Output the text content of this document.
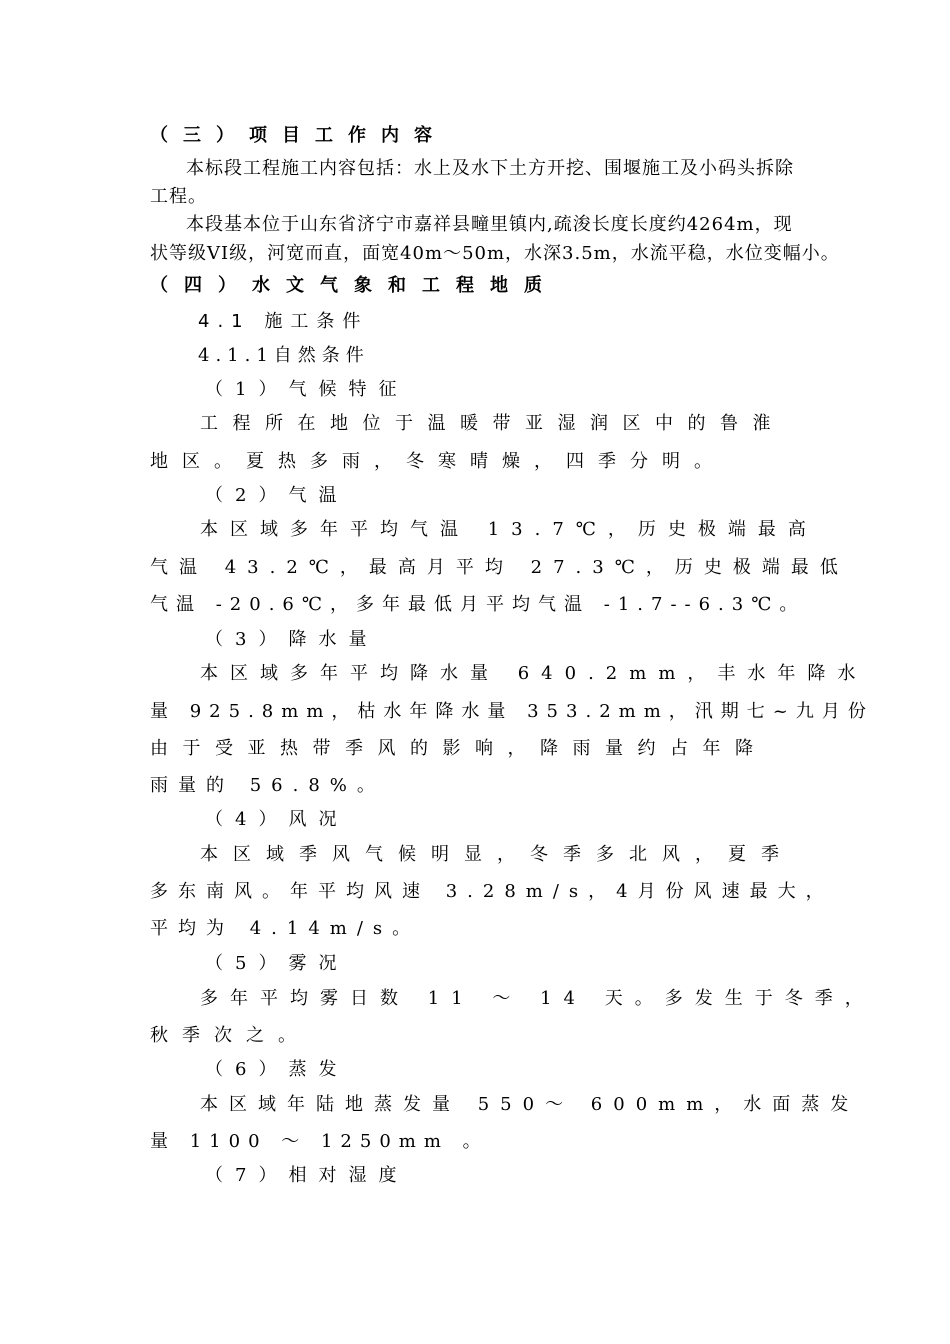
（三）项目工作内容
本标段工程施工内容包括：水上及水下土方开挖、围堰施工及小码头拆除
工程。
本段基本位于山东省济宁市嘉祥县疃里镇内,疏浚长度长度约4264m，现
状等级VI级，河宽而直，面宽40m～50m，水深3.5m，水流平稳，水位变幅小。
（四）水文气象和工程地质
4.1 施工条件
4.1.1自然条件
（1）气候特征
工程所在地位于温暖带亚湿润区中的鲁淮
地区。夏热多雨，冬寒晴燥，四季分明。
（2）气温
本区域多年平均气温 13.7℃，历史极端最高
气温 43.2℃，最高月平均 27.3℃，历史极端最低
气温 -20.6℃，多年最低月平均气温 -1.7--6.3℃。
（3）降水量
本区域多年平均降水量 640.2mm，丰水年降水
量 925.8mm，枯水年降水量 353.2mm，汛期七~九月份
由于受亚热带季风的影响，降雨量约占年降
雨量的 56.8%。
（4）风况
本区域季风气候明显，冬季多北风，夏季
多东南风。年平均风速 3.28m/s，4月份风速最大，
平均为 4.14m/s。
（5）雾况
多年平均雾日数 11 ～ 14 天。多发生于冬季，
秋季次之。
（6）蒸发
本区域年陆地蒸发量 550～ 600mm，水面蒸发
量 1100 ～ 1250mm 。
（7）相对湿度
